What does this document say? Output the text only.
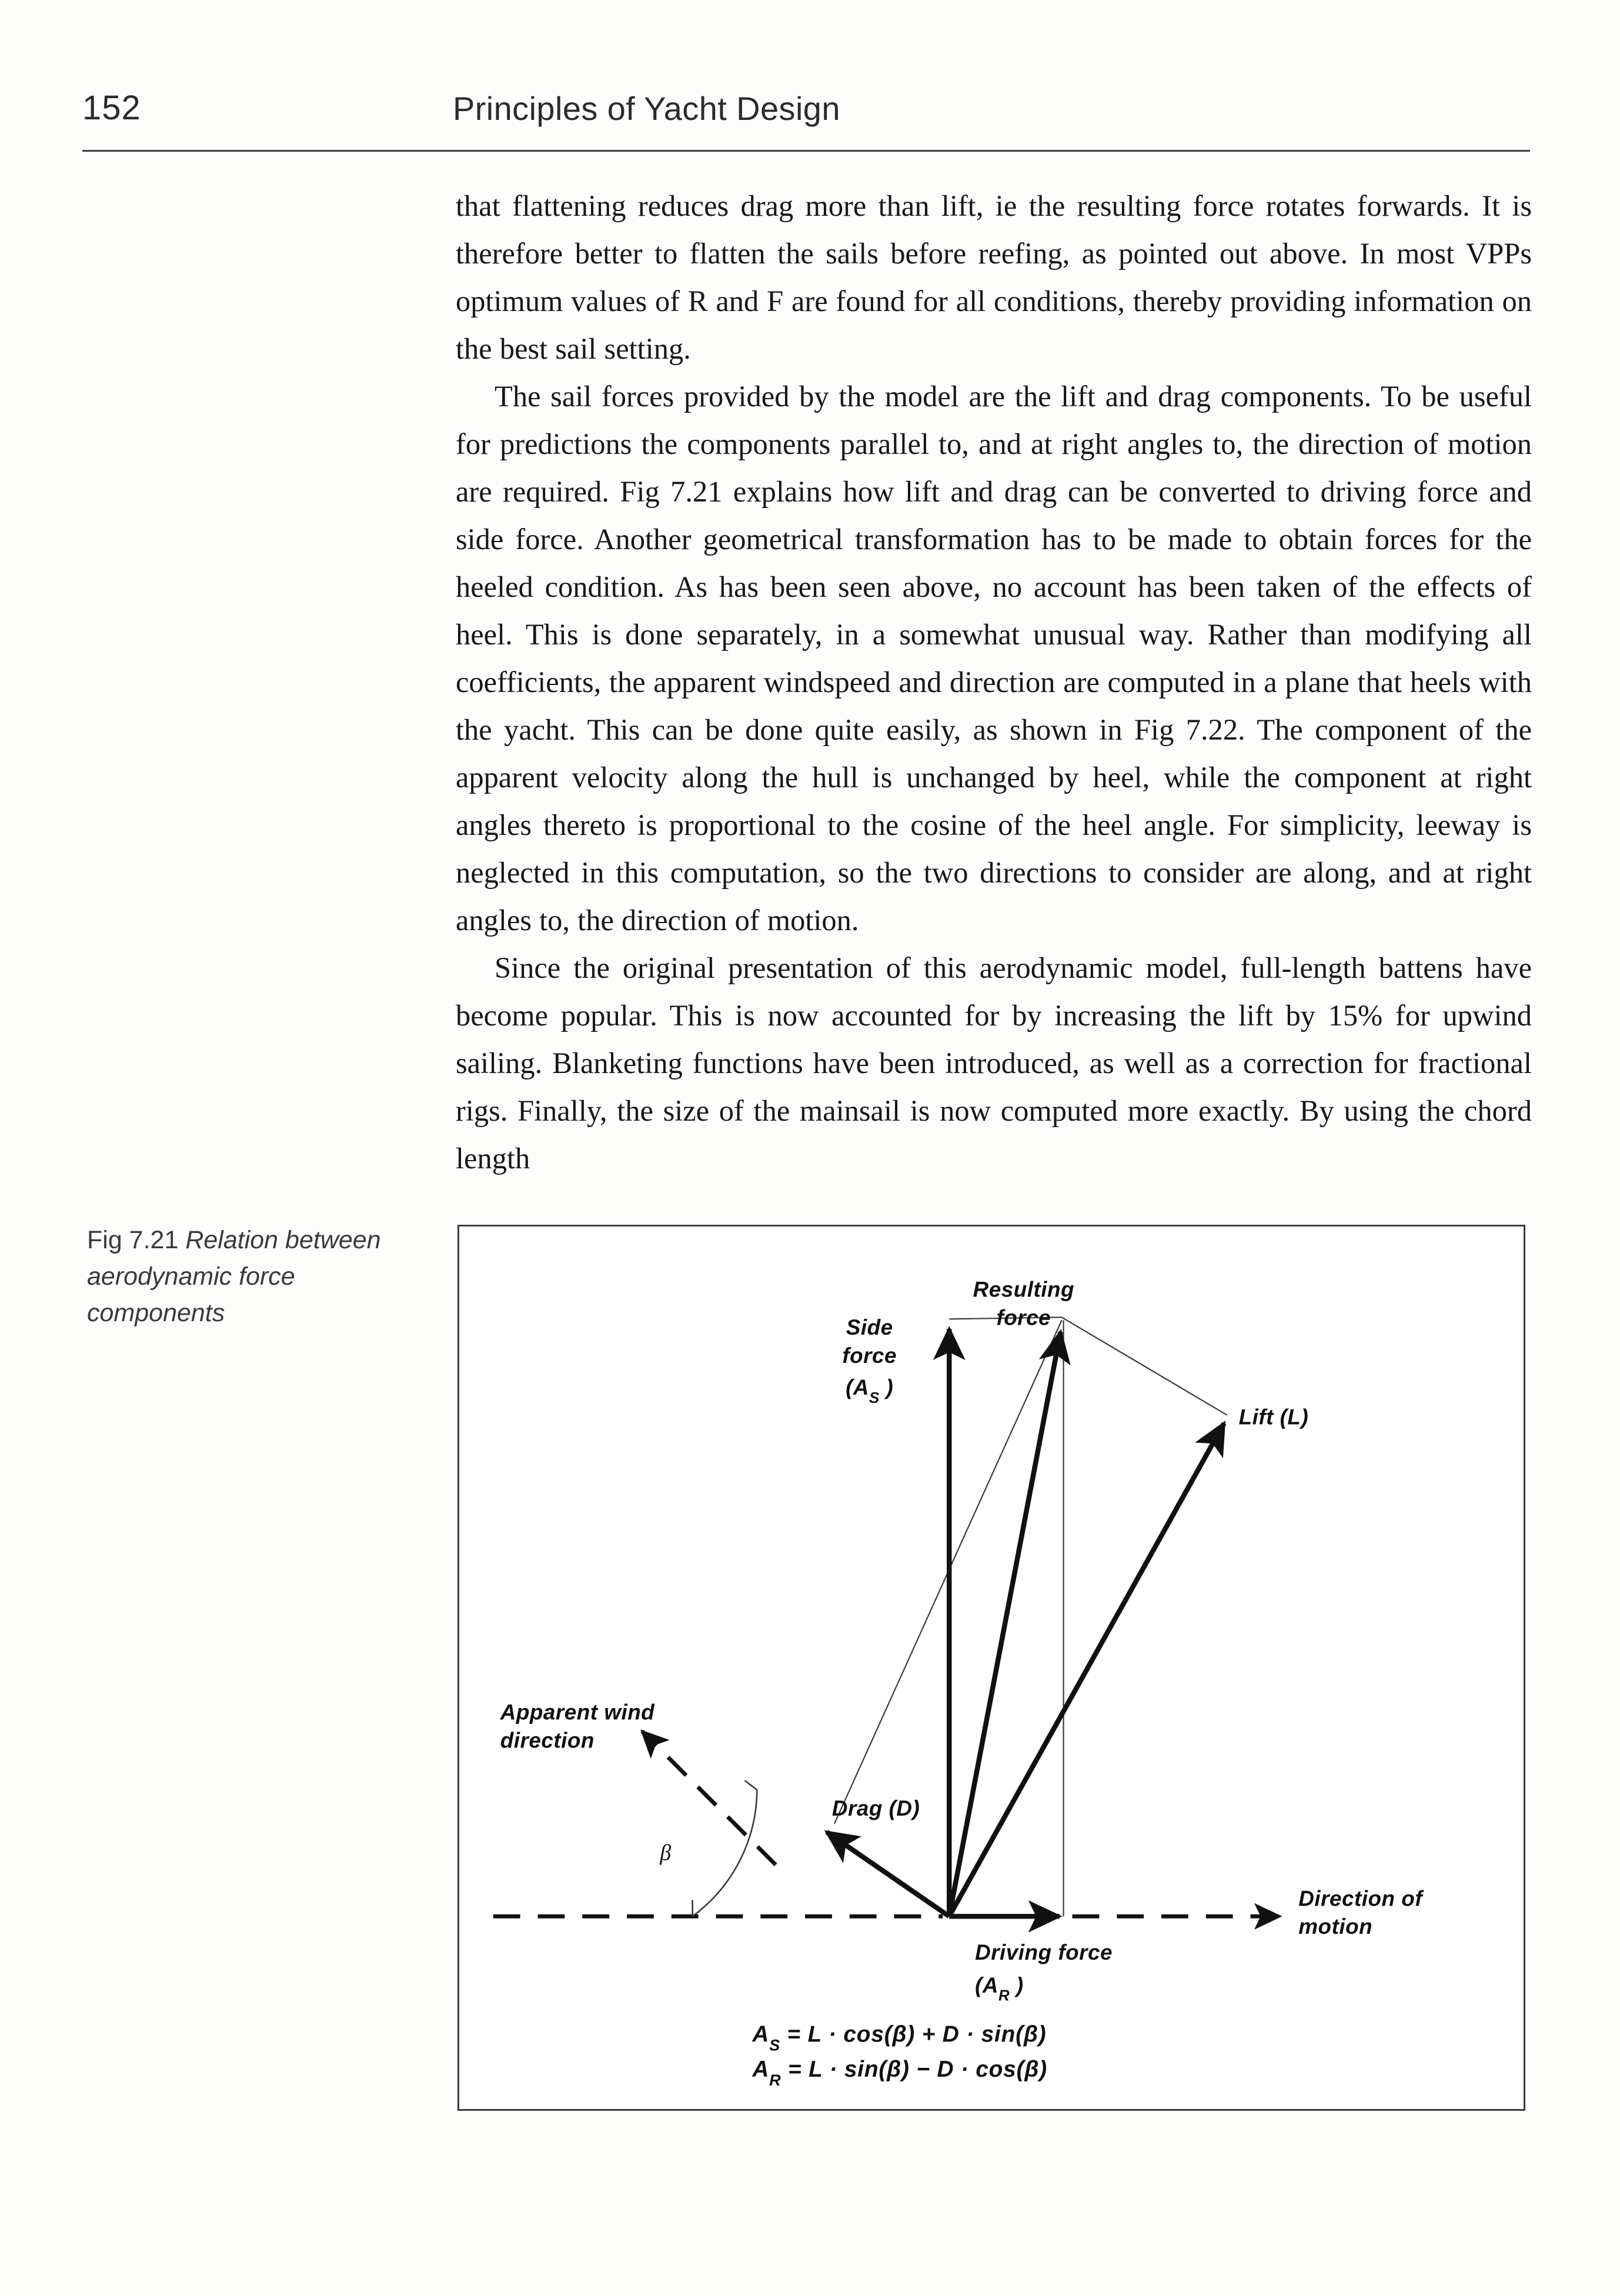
152	Principles of Yacht Design

that flattening reduces drag more than lift, ie the resulting force rotates forwards. It is therefore better to flatten the sails before reefing, as pointed out above. In most VPPs optimum values of R and F are found for all conditions, thereby providing information on the best sail setting.

The sail forces provided by the model are the lift and drag components. To be useful for predictions the components parallel to, and at right angles to, the direction of motion are required. Fig 7.21 explains how lift and drag can be converted to driving force and side force. Another geometrical transformation has to be made to obtain forces for the heeled condition. As has been seen above, no account has been taken of the effects of heel. This is done separately, in a somewhat unusual way. Rather than modifying all coefficients, the apparent windspeed and direction are computed in a plane that heels with the yacht. This can be done quite easily, as shown in Fig 7.22. The component of the apparent velocity along the hull is unchanged by heel, while the component at right angles thereto is proportional to the cosine of the heel angle. For simplicity, leeway is neglected in this computation, so the two directions to consider are along, and at right angles to, the direction of motion.

Since the original presentation of this aerodynamic model, full-length battens have become popular. This is now accounted for by increasing the lift by 15% for upwind sailing. Blanketing functions have been introduced, as well as a correction for fractional rigs. Finally, the size of the mainsail is now computed more exactly. By using the chord length

Fig 7.21 Relation between aerodynamic force components
Resulting
force
Side
force
(AS )
Lift (L)
Drag (D)
Apparent wind
direction
β
Driving force
(AR )
Direction of
motion
AS = L · cos(β) + D · sin(β)
AR = L · sin(β) − D · cos(β)
